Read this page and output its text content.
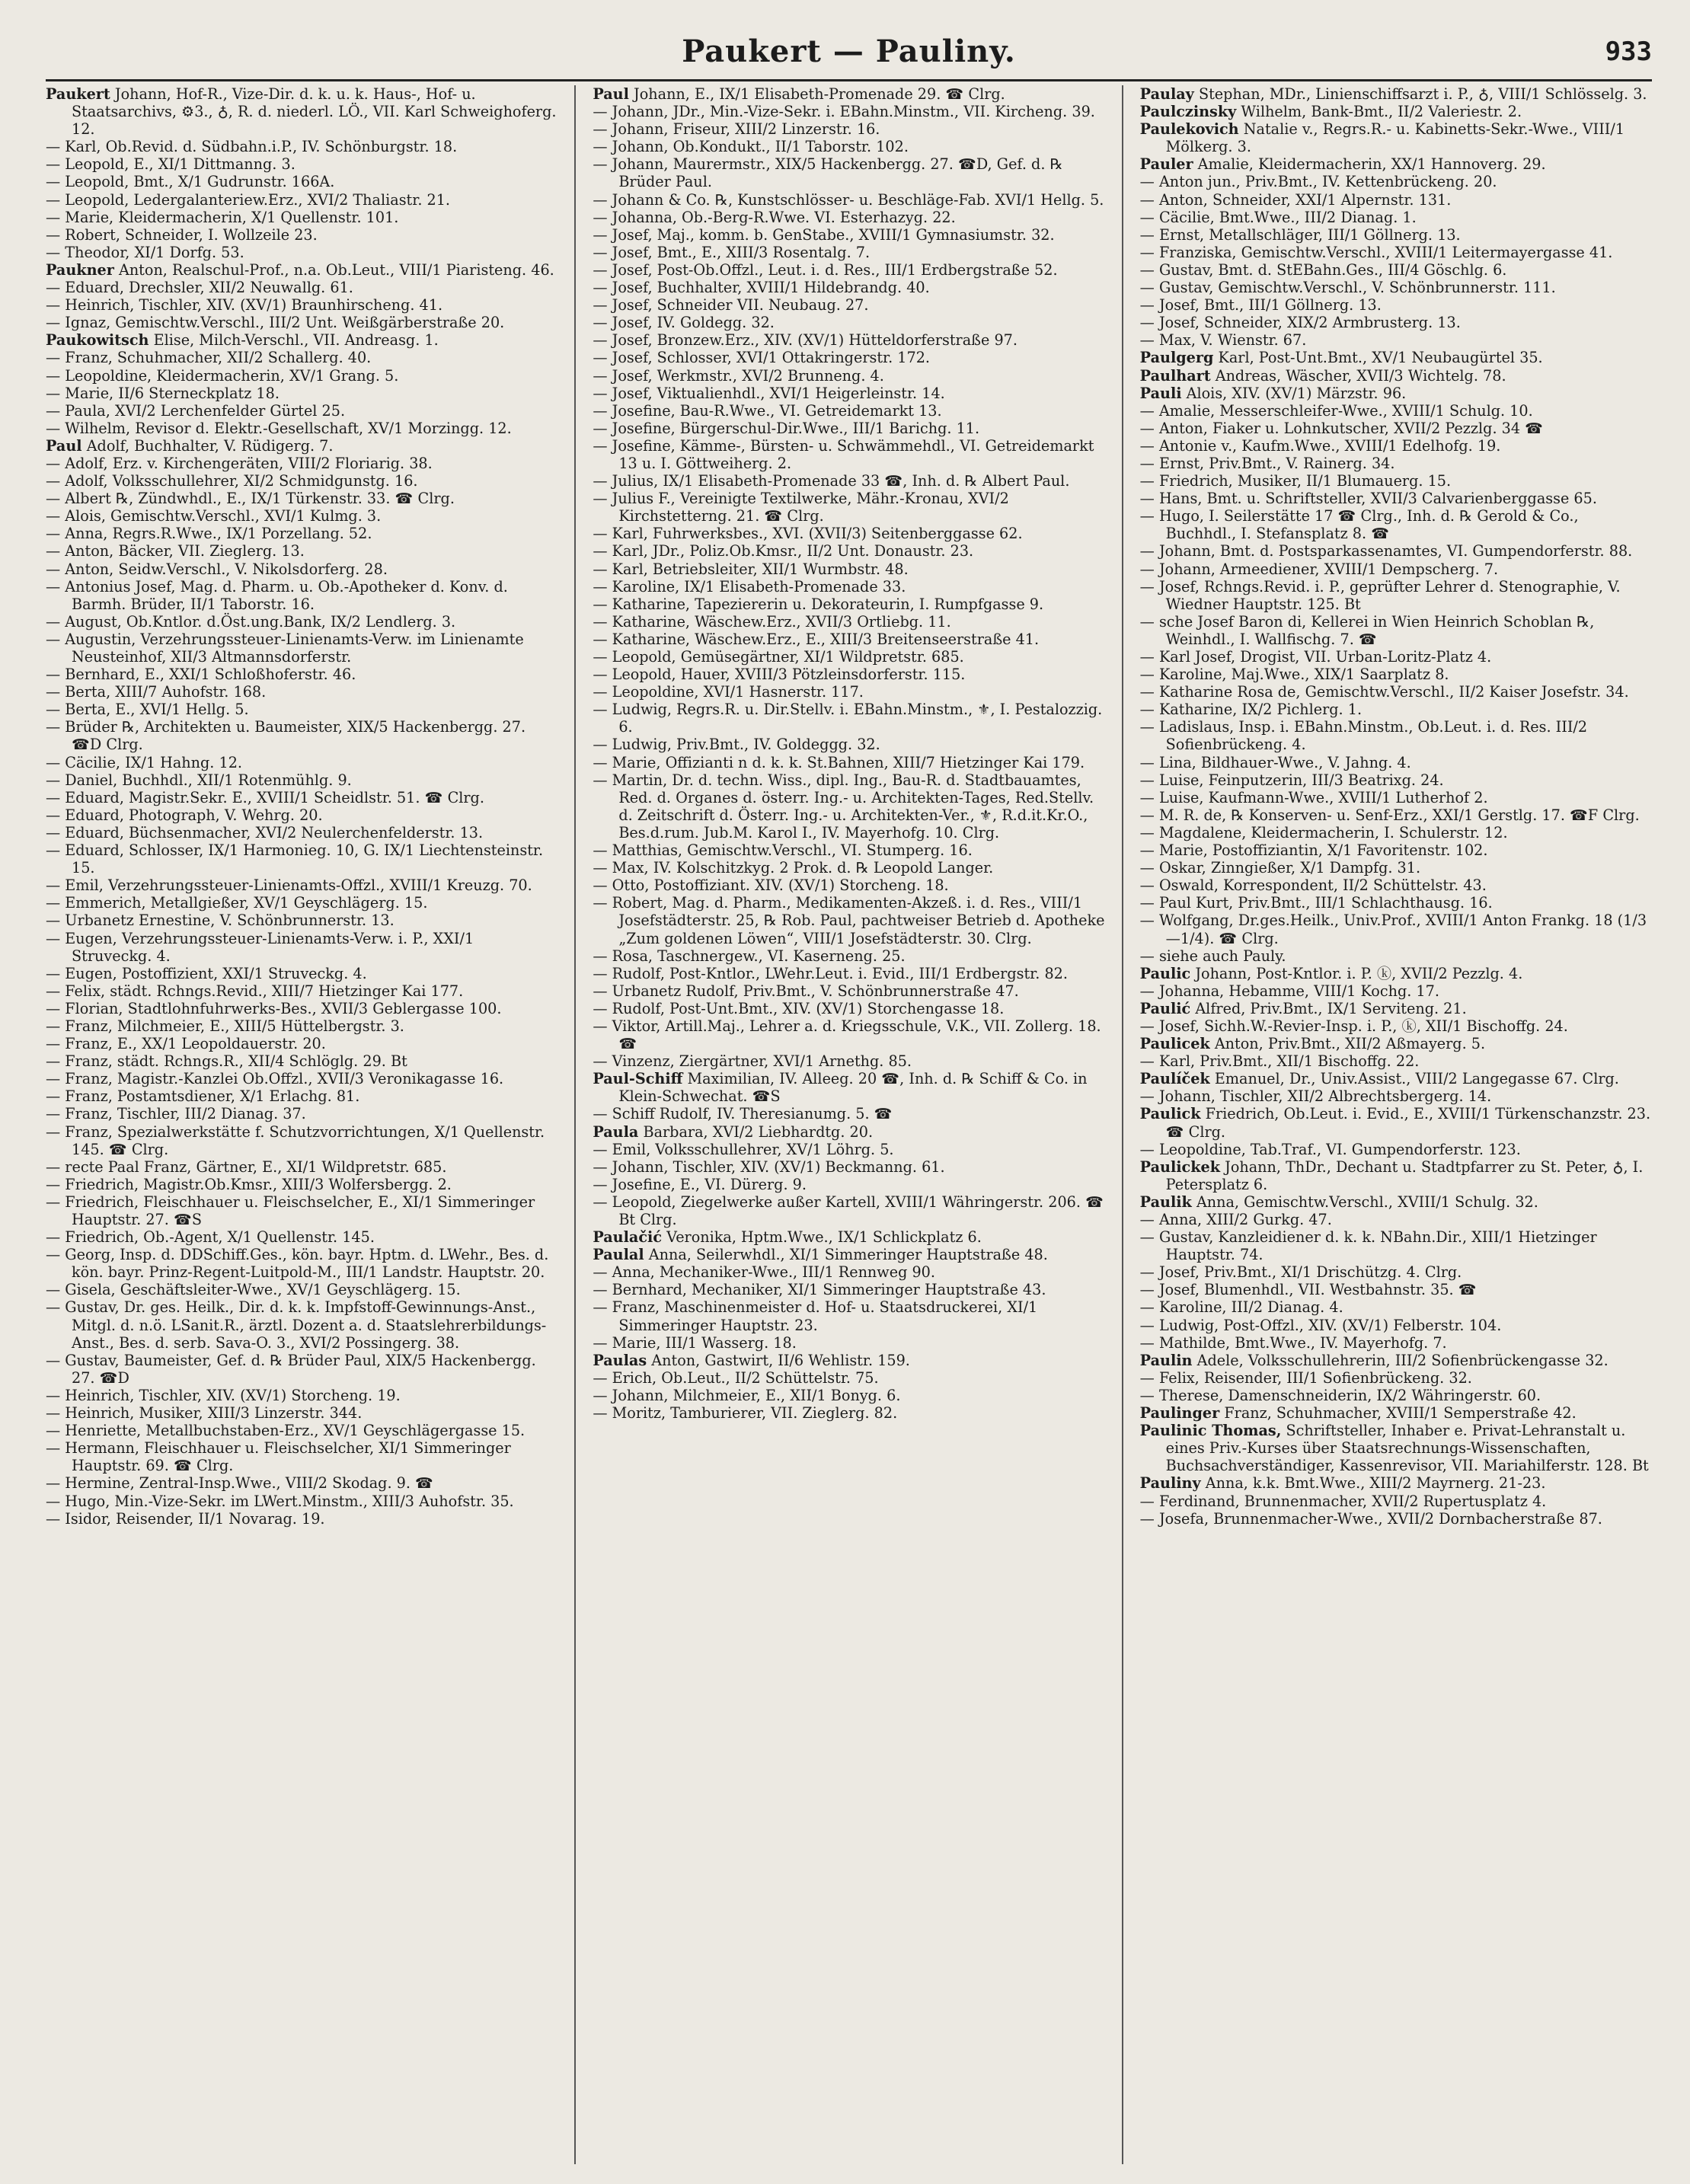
Paukert — Pauliny.	933

Paukert Johann, Hof-R., Vize-Dir. d. k. u. k. Haus-, Hof- u. Staatsarchivs, ⚙3., ♁, R. d. niederl. LÖ., VII. Karl Schweighoferg. 12.

— Karl, Ob.Revid. d. Südbahn.i.P., IV. Schönburgstr. 18.

— Leopold, E., XI/1 Dittmanng. 3.

— Leopold, Bmt., X/1 Gudrunstr. 166A.

— Leopold, Ledergalanteriew.Erz., XVI/2 Thaliastr. 21.

— Marie, Kleidermacherin, X/1 Quellenstr. 101.

— Robert, Schneider, I. Wollzeile 23.

— Theodor, XI/1 Dorfg. 53.

Paukner Anton, Realschul-Prof., n.a. Ob.Leut., VIII/1 Piaristeng. 46.

— Eduard, Drechsler, XII/2 Neuwallg. 61.

— Heinrich, Tischler, XIV. (XV/1) Braunhirscheng. 41.

— Ignaz, Gemischtw.Verschl., III/2 Unt. Weißgärberstraße 20.

Paukowitsch Elise, Milch-Verschl., VII. Andreasg. 1.

— Franz, Schuhmacher, XII/2 Schallerg. 40.

— Leopoldine, Kleidermacherin, XV/1 Grang. 5.

— Marie, II/6 Sterneckplatz 18.

— Paula, XVI/2 Lerchenfelder Gürtel 25.

— Wilhelm, Revisor d. Elektr.-Gesellschaft, XV/1 Morzingg. 12.

Paul Adolf, Buchhalter, V. Rüdigerg. 7.

— Adolf, Erz. v. Kirchengeräten, VIII/2 Floriarig. 38.

— Adolf, Volksschullehrer, XI/2 Schmidgunstg. 16.

— Albert ℞, Zündwhdl., E., IX/1 Türkenstr. 33. ☎ Clrg.

— Alois, Gemischtw.Verschl., XVI/1 Kulmg. 3.

— Anna, Regrs.R.Wwe., IX/1 Porzellang. 52.

— Anton, Bäcker, VII. Zieglerg. 13.

— Anton, Seidw.Verschl., V. Nikolsdorferg. 28.

— Antonius Josef, Mag. d. Pharm. u. Ob.-Apotheker d. Konv. d. Barmh. Brüder, II/1 Taborstr. 16.

— August, Ob.Kntlor. d.Öst.ung.Bank, IX/2 Lendlerg. 3.

— Augustin, Verzehrungssteuer-Linienamts-Verw. im Linienamte Neusteinhof, XII/3 Altmannsdorferstr.

— Bernhard, E., XXI/1 Schloßhoferstr. 46.

— Berta, XIII/7 Auhofstr. 168.

— Berta, E., XVI/1 Hellg. 5.

— Brüder ℞, Architekten u. Baumeister, XIX/5 Hackenbergg. 27. ☎D Clrg.

— Cäcilie, IX/1 Hahng. 12.

— Daniel, Buchhdl., XII/1 Rotenmühlg. 9.

— Eduard, Magistr.Sekr. E., XVIII/1 Scheidlstr. 51. ☎ Clrg.

— Eduard, Photograph, V. Wehrg. 20.

— Eduard, Büchsenmacher, XVI/2 Neulerchenfelderstr. 13.

— Eduard, Schlosser, IX/1 Harmonieg. 10, G. IX/1 Liechtensteinstr. 15.

— Emil, Verzehrungssteuer-Linienamts-Offzl., XVIII/1 Kreuzg. 70.

— Emmerich, Metallgießer, XV/1 Geyschlägerg. 15.

— Urbanetz Ernestine, V. Schönbrunnerstr. 13.

— Eugen, Verzehrungssteuer-Linienamts-Verw. i. P., XXI/1 Struveckg. 4.

— Eugen, Postoffizient, XXI/1 Struveckg. 4.

— Felix, städt. Rchngs.Revid., XIII/7 Hietzinger Kai 177.

— Florian, Stadtlohnfuhrwerks-Bes., XVII/3 Geblergasse 100.

— Franz, Milchmeier, E., XIII/5 Hüttelbergstr. 3.

— Franz, E., XX/1 Leopoldauerstr. 20.

— Franz, städt. Rchngs.R., XII/4 Schlöglg. 29. Bt

— Franz, Magistr.-Kanzlei Ob.Offzl., XVII/3 Veronikagasse 16.

— Franz, Postamtsdiener, X/1 Erlachg. 81.

— Franz, Tischler, III/2 Dianag. 37.

— Franz, Spezialwerkstätte f. Schutzvorrichtungen, X/1 Quellenstr. 145. ☎ Clrg.

— recte Paal Franz, Gärtner, E., XI/1 Wildpretstr. 685.

— Friedrich, Magistr.Ob.Kmsr., XIII/3 Wolfersbergg. 2.

— Friedrich, Fleischhauer u. Fleischselcher, E., XI/1 Simmeringer Hauptstr. 27. ☎S

— Friedrich, Ob.-Agent, X/1 Quellenstr. 145.

— Georg, Insp. d. DDSchiff.Ges., kön. bayr. Hptm. d. LWehr., Bes. d. kön. bayr. Prinz-Regent-Luitpold-M., III/1 Landstr. Hauptstr. 20.

— Gisela, Geschäftsleiter-Wwe., XV/1 Geyschlägerg. 15.

— Gustav, Dr. ges. Heilk., Dir. d. k. k. Impfstoff-Gewinnungs-Anst., Mitgl. d. n.ö. LSanit.R., ärztl. Dozent a. d. Staatslehrerbildungs-Anst., Bes. d. serb. Sava-O. 3., XVI/2 Possingerg. 38.

— Gustav, Baumeister, Gef. d. ℞ Brüder Paul, XIX/5 Hackenbergg. 27. ☎D

— Heinrich, Tischler, XIV. (XV/1) Storcheng. 19.

— Heinrich, Musiker, XIII/3 Linzerstr. 344.

— Henriette, Metallbuchstaben-Erz., XV/1 Geyschlägergasse 15.

— Hermann, Fleischhauer u. Fleischselcher, XI/1 Simmeringer Hauptstr. 69. ☎ Clrg.

— Hermine, Zentral-Insp.Wwe., VIII/2 Skodag. 9. ☎

— Hugo, Min.-Vize-Sekr. im LWert.Minstm., XIII/3 Auhofstr. 35.

— Isidor, Reisender, II/1 Novarag. 19.

Paul Johann, E., IX/1 Elisabeth-Promenade 29. ☎ Clrg.

— Johann, JDr., Min.-Vize-Sekr. i. EBahn.Minstm., VII. Kircheng. 39.

— Johann, Friseur, XIII/2 Linzerstr. 16.

— Johann, Ob.Kondukt., II/1 Taborstr. 102.

— Johann, Maurermstr., XIX/5 Hackenbergg. 27. ☎D, Gef. d. ℞ Brüder Paul.

— Johann & Co. ℞, Kunstschlösser- u. Beschläge-Fab. XVI/1 Hellg. 5.

— Johanna, Ob.-Berg-R.Wwe. VI. Esterhazyg. 22.

— Josef, Maj., komm. b. GenStabe., XVIII/1 Gymnasiumstr. 32.

— Josef, Bmt., E., XIII/3 Rosentalg. 7.

— Josef, Post-Ob.Offzl., Leut. i. d. Res., III/1 Erdbergstraße 52.

— Josef, Buchhalter, XVIII/1 Hildebrandg. 40.

— Josef, Schneider VII. Neubaug. 27.

— Josef, IV. Goldegg. 32.

— Josef, Bronzew.Erz., XIV. (XV/1) Hütteldorferstraße 97.

— Josef, Schlosser, XVI/1 Ottakringerstr. 172.

— Josef, Werkmstr., XVI/2 Brunneng. 4.

— Josef, Viktualienhdl., XVI/1 Heigerleinstr. 14.

— Josefine, Bau-R.Wwe., VI. Getreidemarkt 13.

— Josefine, Bürgerschul-Dir.Wwe., III/1 Barichg. 11.

— Josefine, Kämme-, Bürsten- u. Schwämmehdl., VI. Getreidemarkt 13 u. I. Göttweiherg. 2.

— Julius, IX/1 Elisabeth-Promenade 33 ☎, Inh. d. ℞ Albert Paul.

— Julius F., Vereinigte Textilwerke, Mähr.-Kronau, XVI/2 Kirchstetterng. 21. ☎ Clrg.

— Karl, Fuhrwerksbes., XVI. (XVII/3) Seitenberggasse 62.

— Karl, JDr., Poliz.Ob.Kmsr., II/2 Unt. Donaustr. 23.

— Karl, Betriebsleiter, XII/1 Wurmbstr. 48.

— Karoline, IX/1 Elisabeth-Promenade 33.

— Katharine, Tapeziererin u. Dekorateurin, I. Rumpfgasse 9.

— Katharine, Wäschew.Erz., XVII/3 Ortliebg. 11.

— Katharine, Wäschew.Erz., E., XIII/3 Breitenseerstraße 41.

— Leopold, Gemüsegärtner, XI/1 Wildpretstr. 685.

— Leopold, Hauer, XVIII/3 Pötzleinsdorferstr. 115.

— Leopoldine, XVI/1 Hasnerstr. 117.

— Ludwig, Regrs.R. u. Dir.Stellv. i. EBahn.Minstm., ⚜, I. Pestalozzig. 6.

— Ludwig, Priv.Bmt., IV. Goldeggg. 32.

— Marie, Offizianti n d. k. k. St.Bahnen, XIII/7 Hietzinger Kai 179.

— Martin, Dr. d. techn. Wiss., dipl. Ing., Bau-R. d. Stadtbauamtes, Red. d. Organes d. österr. Ing.- u. Architekten-Tages, Red.Stellv. d. Zeitschrift d. Österr. Ing.- u. Architekten-Ver., ⚜, R.d.it.Kr.O., Bes.d.rum. Jub.M. Karol I., IV. Mayerhofg. 10. Clrg.

— Matthias, Gemischtw.Verschl., VI. Stumperg. 16.

— Max, IV. Kolschitzkyg. 2 Prok. d. ℞ Leopold Langer.

— Otto, Postoffiziant. XIV. (XV/1) Storcheng. 18.

— Robert, Mag. d. Pharm., Medikamenten-Akzeß. i. d. Res., VIII/1 Josefstädterstr. 25, ℞ Rob. Paul, pachtweiser Betrieb d. Apotheke „Zum goldenen Löwen“, VIII/1 Josefstädterstr. 30. Clrg.

— Rosa, Taschnergew., VI. Kaserneng. 25.

— Rudolf, Post-Kntlor., LWehr.Leut. i. Evid., III/1 Erdbergstr. 82.

— Urbanetz Rudolf, Priv.Bmt., V. Schönbrunnerstraße 47.

— Rudolf, Post-Unt.Bmt., XIV. (XV/1) Storchengasse 18.

— Viktor, Artill.Maj., Lehrer a. d. Kriegsschule, V.K., VII. Zollerg. 18. ☎

— Vinzenz, Ziergärtner, XVI/1 Arnethg. 85.

Paul-Schiff Maximilian, IV. Alleeg. 20 ☎, Inh. d. ℞ Schiff & Co. in Klein-Schwechat. ☎S

— Schiff Rudolf, IV. Theresianumg. 5. ☎

Paula Barbara, XVI/2 Liebhardtg. 20.

— Emil, Volksschullehrer, XV/1 Löhrg. 5.

— Johann, Tischler, XIV. (XV/1) Beckmanng. 61.

— Josefine, E., VI. Dürerg. 9.

— Leopold, Ziegelwerke außer Kartell, XVIII/1 Währingerstr. 206. ☎ Bt Clrg.

Paulačić Veronika, Hptm.Wwe., IX/1 Schlickplatz 6.

Paulal Anna, Seilerwhdl., XI/1 Simmeringer Hauptstraße 48.

— Anna, Mechaniker-Wwe., III/1 Rennweg 90.

— Bernhard, Mechaniker, XI/1 Simmeringer Hauptstraße 43.

— Franz, Maschinenmeister d. Hof- u. Staatsdruckerei, XI/1 Simmeringer Hauptstr. 23.

— Marie, III/1 Wasserg. 18.

Paulas Anton, Gastwirt, II/6 Wehlistr. 159.

— Erich, Ob.Leut., II/2 Schüttelstr. 75.

— Johann, Milchmeier, E., XII/1 Bonyg. 6.

— Moritz, Tamburierer, VII. Zieglerg. 82.

Paulay Stephan, MDr., Linienschiffsarzt i. P., ♁, VIII/1 Schlösselg. 3.

Paulczinsky Wilhelm, Bank-Bmt., II/2 Valeriestr. 2.

Paulekovich Natalie v., Regrs.R.- u. Kabinetts-Sekr.-Wwe., VIII/1 Mölkerg. 3.

Pauler Amalie, Kleidermacherin, XX/1 Hannoverg. 29.

— Anton jun., Priv.Bmt., IV. Kettenbrückeng. 20.

— Anton, Schneider, XXI/1 Alpernstr. 131.

— Cäcilie, Bmt.Wwe., III/2 Dianag. 1.

— Ernst, Metallschläger, III/1 Göllnerg. 13.

— Franziska, Gemischtw.Verschl., XVIII/1 Leitermayergasse 41.

— Gustav, Bmt. d. StEBahn.Ges., III/4 Göschlg. 6.

— Gustav, Gemischtw.Verschl., V. Schönbrunnerstr. 111.

— Josef, Bmt., III/1 Göllnerg. 13.

— Josef, Schneider, XIX/2 Armbrusterg. 13.

— Max, V. Wienstr. 67.

Paulgerg Karl, Post-Unt.Bmt., XV/1 Neubaugürtel 35.

Paulhart Andreas, Wäscher, XVII/3 Wichtelg. 78.

Pauli Alois, XIV. (XV/1) Märzstr. 96.

— Amalie, Messerschleifer-Wwe., XVIII/1 Schulg. 10.

— Anton, Fiaker u. Lohnkutscher, XVII/2 Pezzlg. 34 ☎

— Antonie v., Kaufm.Wwe., XVIII/1 Edelhofg. 19.

— Ernst, Priv.Bmt., V. Rainerg. 34.

— Friedrich, Musiker, II/1 Blumauerg. 15.

— Hans, Bmt. u. Schriftsteller, XVII/3 Calvarienberggasse 65.

— Hugo, I. Seilerstätte 17 ☎ Clrg., Inh. d. ℞ Gerold & Co., Buchhdl., I. Stefansplatz 8. ☎

— Johann, Bmt. d. Postsparkassenamtes, VI. Gumpendorferstr. 88.

— Johann, Armeediener, XVIII/1 Dempscherg. 7.

— Josef, Rchngs.Revid. i. P., geprüfter Lehrer d. Stenographie, V. Wiedner Hauptstr. 125. Bt

— sche Josef Baron di, Kellerei in Wien Heinrich Schoblan ℞, Weinhdl., I. Wallfischg. 7. ☎

— Karl Josef, Drogist, VII. Urban-Loritz-Platz 4.

— Karoline, Maj.Wwe., XIX/1 Saarplatz 8.

— Katharine Rosa de, Gemischtw.Verschl., II/2 Kaiser Josefstr. 34.

— Katharine, IX/2 Pichlerg. 1.

— Ladislaus, Insp. i. EBahn.Minstm., Ob.Leut. i. d. Res. III/2 Sofienbrückeng. 4.

— Lina, Bildhauer-Wwe., V. Jahng. 4.

— Luise, Feinputzerin, III/3 Beatrixg. 24.

— Luise, Kaufmann-Wwe., XVIII/1 Lutherhof 2.

— M. R. de, ℞ Konserven- u. Senf-Erz., XXI/1 Gerstlg. 17. ☎F Clrg.

— Magdalene, Kleidermacherin, I. Schulerstr. 12.

— Marie, Postoffiziantin, X/1 Favoritenstr. 102.

— Oskar, Zinngießer, X/1 Dampfg. 31.

— Oswald, Korrespondent, II/2 Schüttelstr. 43.

— Paul Kurt, Priv.Bmt., III/1 Schlachthausg. 16.

— Wolfgang, Dr.ges.Heilk., Univ.Prof., XVIII/1 Anton Frankg. 18 (1/3—1/4). ☎ Clrg.

— siehe auch Pauly.

Paulic Johann, Post-Kntlor. i. P. ⓚ, XVII/2 Pezzlg. 4.

— Johanna, Hebamme, VIII/1 Kochg. 17.

Paulić Alfred, Priv.Bmt., IX/1 Serviteng. 21.

— Josef, Sichh.W.-Revier-Insp. i. P., ⓚ, XII/1 Bischoffg. 24.

Paulicek Anton, Priv.Bmt., XII/2 Aßmayerg. 5.

— Karl, Priv.Bmt., XII/1 Bischoffg. 22.

Paulíček Emanuel, Dr., Univ.Assist., VIII/2 Langegasse 67. Clrg.

— Johann, Tischler, XII/2 Albrechtsbergerg. 14.

Paulick Friedrich, Ob.Leut. i. Evid., E., XVIII/1 Türkenschanzstr. 23. ☎ Clrg.

— Leopoldine, Tab.Traf., VI. Gumpendorferstr. 123.

Paulickek Johann, ThDr., Dechant u. Stadtpfarrer zu St. Peter, ♁, I. Petersplatz 6.

Paulik Anna, Gemischtw.Verschl., XVIII/1 Schulg. 32.

— Anna, XIII/2 Gurkg. 47.

— Gustav, Kanzleidiener d. k. k. NBahn.Dir., XIII/1 Hietzinger Hauptstr. 74.

— Josef, Priv.Bmt., XI/1 Drischützg. 4. Clrg.

— Josef, Blumenhdl., VII. Westbahnstr. 35. ☎

— Karoline, III/2 Dianag. 4.

— Ludwig, Post-Offzl., XIV. (XV/1) Felberstr. 104.

— Mathilde, Bmt.Wwe., IV. Mayerhofg. 7.

Paulin Adele, Volksschullehrerin, III/2 Sofienbrückengasse 32.

— Felix, Reisender, III/1 Sofienbrückeng. 32.

— Therese, Damenschneiderin, IX/2 Währingerstr. 60.

Paulinger Franz, Schuhmacher, XVIII/1 Semperstraße 42.

Paulinic Thomas, Schriftsteller, Inhaber e. Privat-Lehranstalt u. eines Priv.-Kurses über Staatsrechnungs-Wissenschaften, Buchsachverständiger, Kassenrevisor, VII. Mariahilferstr. 128. Bt

Pauliny Anna, k.k. Bmt.Wwe., XIII/2 Mayrnerg. 21-23.

— Ferdinand, Brunnenmacher, XVII/2 Rupertusplatz 4.

— Josefa, Brunnenmacher-Wwe., XVII/2 Dornbacherstraße 87.
